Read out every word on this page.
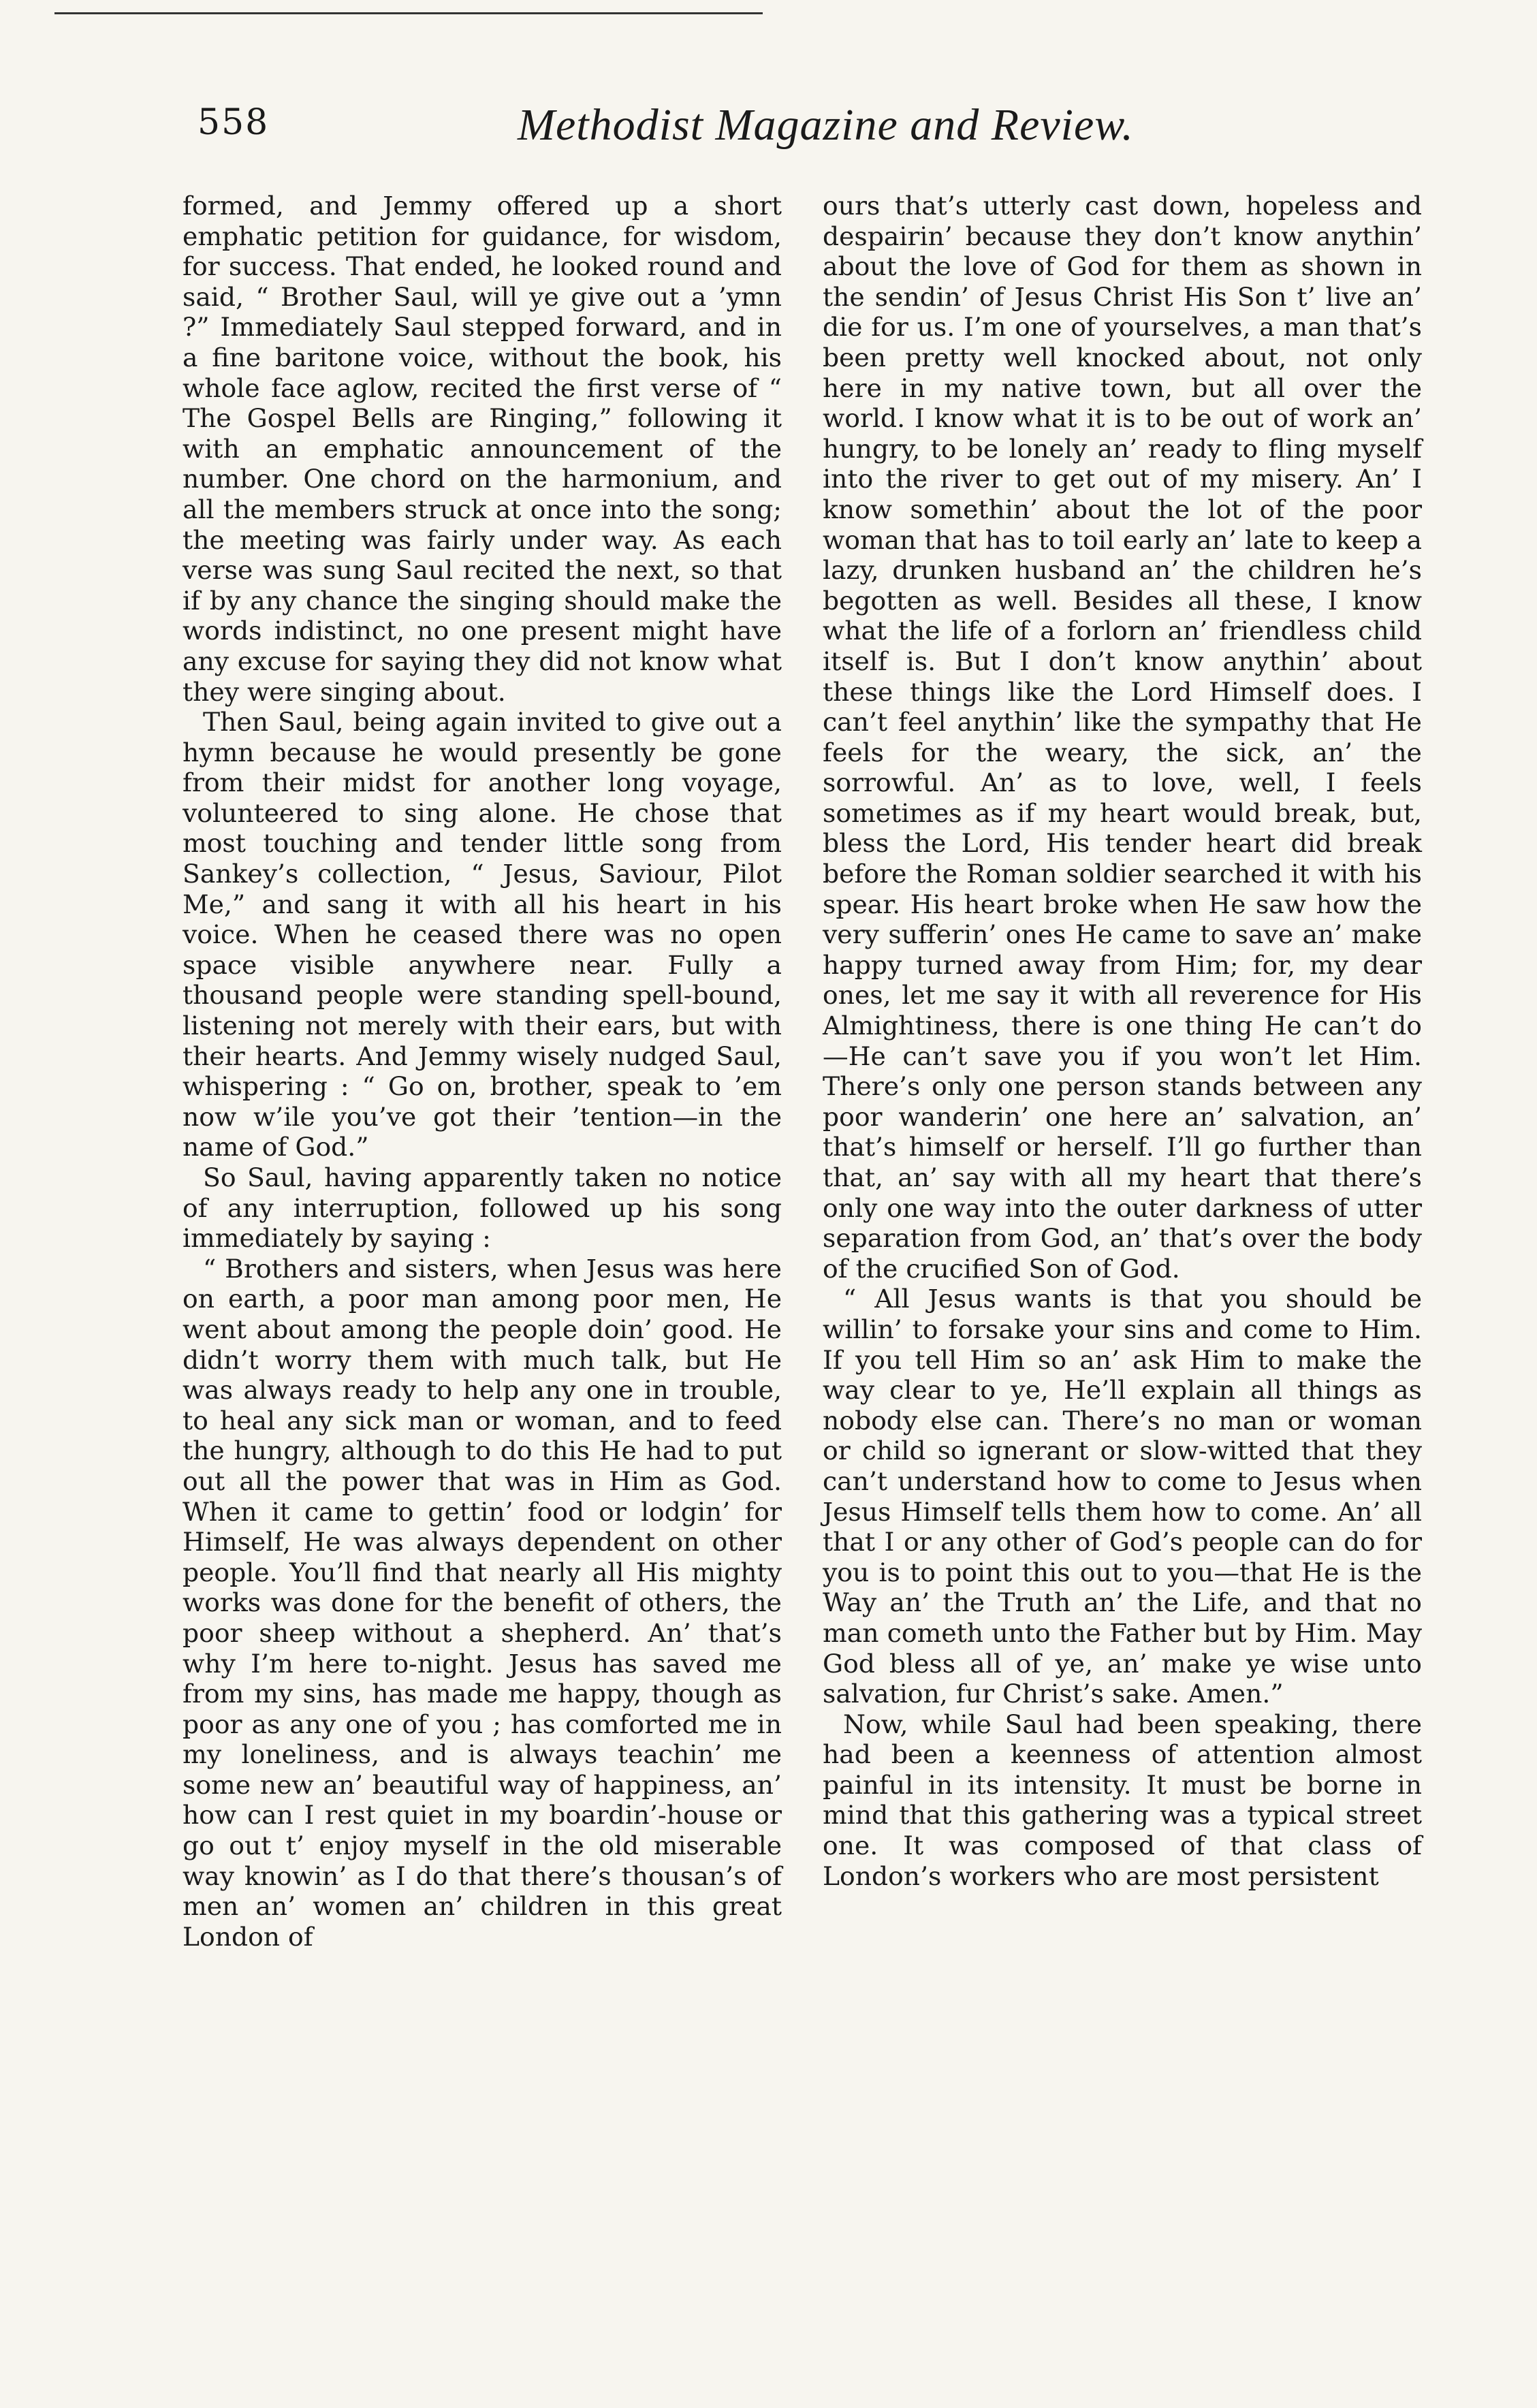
558	Methodist Magazine and Review.

formed, and Jemmy offered up a short emphatic petition for guidance, for wisdom, for success. That ended, he looked round and said, “ Brother Saul, will ye give out a ’ymn ?” Immediately Saul stepped forward, and in a fine baritone voice, without the book, his whole face aglow, recited the first verse of “ The Gospel Bells are Ringing,” following it with an emphatic announcement of the number. One chord on the harmonium, and all the members struck at once into the song; the meeting was fairly under way. As each verse was sung Saul recited the next, so that if by any chance the singing should make the words indistinct, no one present might have any excuse for saying they did not know what they were singing about.

Then Saul, being again invited to give out a hymn because he would presently be gone from their midst for another long voyage, volunteered to sing alone. He chose that most touching and tender little song from Sankey’s collection, “ Jesus, Saviour, Pilot Me,” and sang it with all his heart in his voice. When he ceased there was no open space visible anywhere near. Fully a thousand people were standing spell-bound, listening not merely with their ears, but with their hearts. And Jemmy wisely nudged Saul, whispering : “ Go on, brother, speak to ’em now w’ile you’ve got their ’tention—in the name of God.”

So Saul, having apparently taken no notice of any interruption, followed up his song immediately by saying :

“ Brothers and sisters, when Jesus was here on earth, a poor man among poor men, He went about among the people doin’ good. He didn’t worry them with much talk, but He was always ready to help any one in trouble, to heal any sick man or woman, and to feed the hungry, although to do this He had to put out all the power that was in Him as God. When it came to gettin’ food or lodgin’ for Himself, He was always dependent on other people. You’ll find that nearly all His mighty works was done for the benefit of others, the poor sheep without a shepherd. An’ that’s why I’m here to-night. Jesus has saved me from my sins, has made me happy, though as poor as any one of you ; has comforted me in my loneliness, and is always teachin’ me some new an’ beautiful way of happiness, an’ how can I rest quiet in my boardin’-house or go out t’ enjoy myself in the old miserable way knowin’ as I do that there’s thousan’s of men an’ women an’ children in this great London of

ours that’s utterly cast down, hopeless and despairin’ because they don’t know anythin’ about the love of God for them as shown in the sendin’ of Jesus Christ His Son t’ live an’ die for us. I’m one of yourselves, a man that’s been pretty well knocked about, not only here in my native town, but all over the world. I know what it is to be out of work an’ hungry, to be lonely an’ ready to fling myself into the river to get out of my misery. An’ I know somethin’ about the lot of the poor woman that has to toil early an’ late to keep a lazy, drunken husband an’ the children he’s begotten as well. Besides all these, I know what the life of a forlorn an’ friendless child itself is. But I don’t know anythin’ about these things like the Lord Himself does. I can’t feel anythin’ like the sympathy that He feels for the weary, the sick, an’ the sorrowful. An’ as to love, well, I feels sometimes as if my heart would break, but, bless the Lord, His tender heart did break before the Roman soldier searched it with his spear. His heart broke when He saw how the very sufferin’ ones He came to save an’ make happy turned away from Him; for, my dear ones, let me say it with all reverence for His Almightiness, there is one thing He can’t do—He can’t save you if you won’t let Him. There’s only one person stands between any poor wanderin’ one here an’ salvation, an’ that’s himself or herself. I’ll go further than that, an’ say with all my heart that there’s only one way into the outer darkness of utter separation from God, an’ that’s over the body of the crucified Son of God.

“ All Jesus wants is that you should be willin’ to forsake your sins and come to Him. If you tell Him so an’ ask Him to make the way clear to ye, He’ll explain all things as nobody else can. There’s no man or woman or child so ignerant or slow-witted that they can’t understand how to come to Jesus when Jesus Himself tells them how to come. An’ all that I or any other of God’s people can do for you is to point this out to you—that He is the Way an’ the Truth an’ the Life, and that no man cometh unto the Father but by Him. May God bless all of ye, an’ make ye wise unto salvation, fur Christ’s sake. Amen.”

Now, while Saul had been speaking, there had been a keenness of attention almost painful in its intensity. It must be borne in mind that this gathering was a typical street one. It was composed of that class of London’s workers who are most persistent
